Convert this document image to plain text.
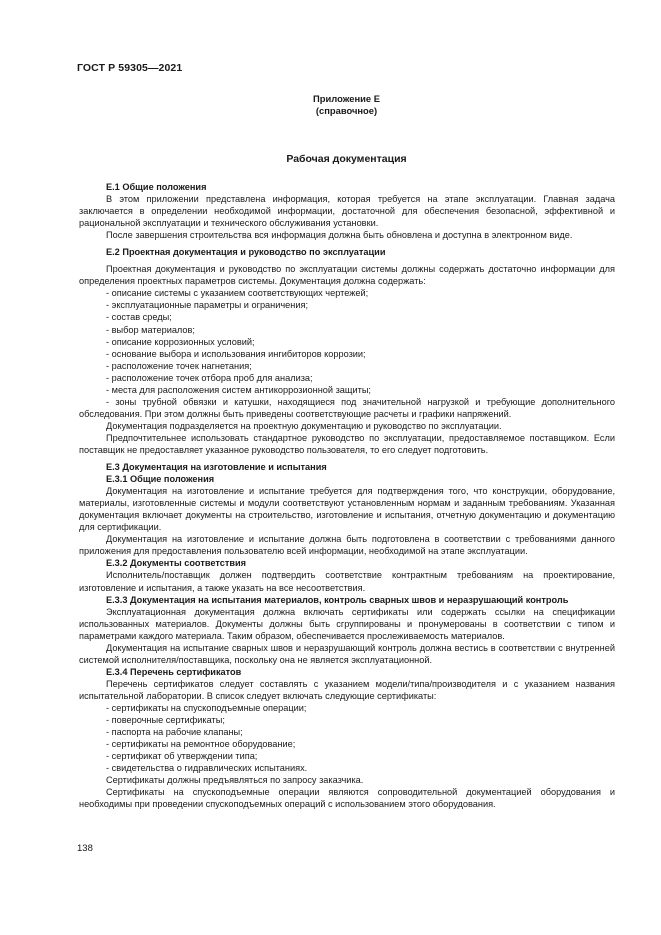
ГОСТ Р 59305—2021
Приложение Е
(справочное)
Рабочая документация
Е.1 Общие положения

В этом приложении представлена информация, которая требуется на этапе эксплуатации. Главная задача заключается в определении необходимой информации, достаточной для обеспечения безопасной, эффективной и рациональной эксплуатации и технического обслуживания установки.

После завершения строительства вся информация должна быть обновлена и доступна в электронном виде.

Е.2 Проектная документация и руководство по эксплуатации

Проектная документация и руководство по эксплуатации системы должны содержать достаточно информации для определения проектных параметров системы. Документация должна содержать:

- описание системы с указанием соответствующих чертежей;
- эксплуатационные параметры и ограничения;
- состав среды;
- выбор материалов;
- описание коррозионных условий;
- основание выбора и использования ингибиторов коррозии;
- расположение точек нагнетания;
- расположение точек отбора проб для анализа;
- места для расположения систем антикоррозионной защиты;

- зоны трубной обвязки и катушки, находящиеся под значительной нагрузкой и требующие дополнительного обследования. При этом должны быть приведены соответствующие расчеты и графики напряжений.

Документация подразделяется на проектную документацию и руководство по эксплуатации.

Предпочтительнее использовать стандартное руководство по эксплуатации, предоставляемое поставщиком. Если поставщик не предоставляет указанное руководство пользователя, то его следует подготовить.

Е.3 Документация на изготовление и испытания
Е.3.1 Общие положения

Документация на изготовление и испытание требуется для подтверждения того, что конструкции, оборудование, материалы, изготовленные системы и модули соответствуют установленным нормам и заданным требованиям. Указанная документация включает документы на строительство, изготовление и испытания, отчетную документацию и документацию для сертификации.

Документация на изготовление и испытание должна быть подготовлена в соответствии с требованиями данного приложения для предоставления пользователю всей информации, необходимой на этапе эксплуатации.

Е.3.2 Документы соответствия

Исполнитель/поставщик должен подтвердить соответствие контрактным требованиям на проектирование, изготовление и испытания, а также указать на все несоответствия.

Е.3.3 Документация на испытания материалов, контроль сварных швов и неразрушающий контроль

Эксплуатационная документация должна включать сертификаты или содержать ссылки на спецификации использованных материалов. Документы должны быть сгруппированы и пронумерованы в соответствии с типом и параметрами каждого материала. Таким образом, обеспечивается прослеживаемость материалов.

Документация на испытание сварных швов и неразрушающий контроль должна вестись в соответствии с внутренней системой исполнителя/поставщика, поскольку она не является эксплуатационной.

Е.3.4 Перечень сертификатов

Перечень сертификатов следует составлять с указанием модели/типа/производителя и с указанием названия испытательной лаборатории. В список следует включать следующие сертификаты:

- сертификаты на спускоподъемные операции;
- поверочные сертификаты;
- паспорта на рабочие клапаны;
- сертификаты на ремонтное оборудование;
- сертификат об утверждении типа;
- свидетельства о гидравлических испытаниях.

Сертификаты должны предъявляться по запросу заказчика.

Сертификаты на спускоподъемные операции являются сопроводительной документацией оборудования и необходимы при проведении спускоподъемных операций с использованием этого оборудования.

138
